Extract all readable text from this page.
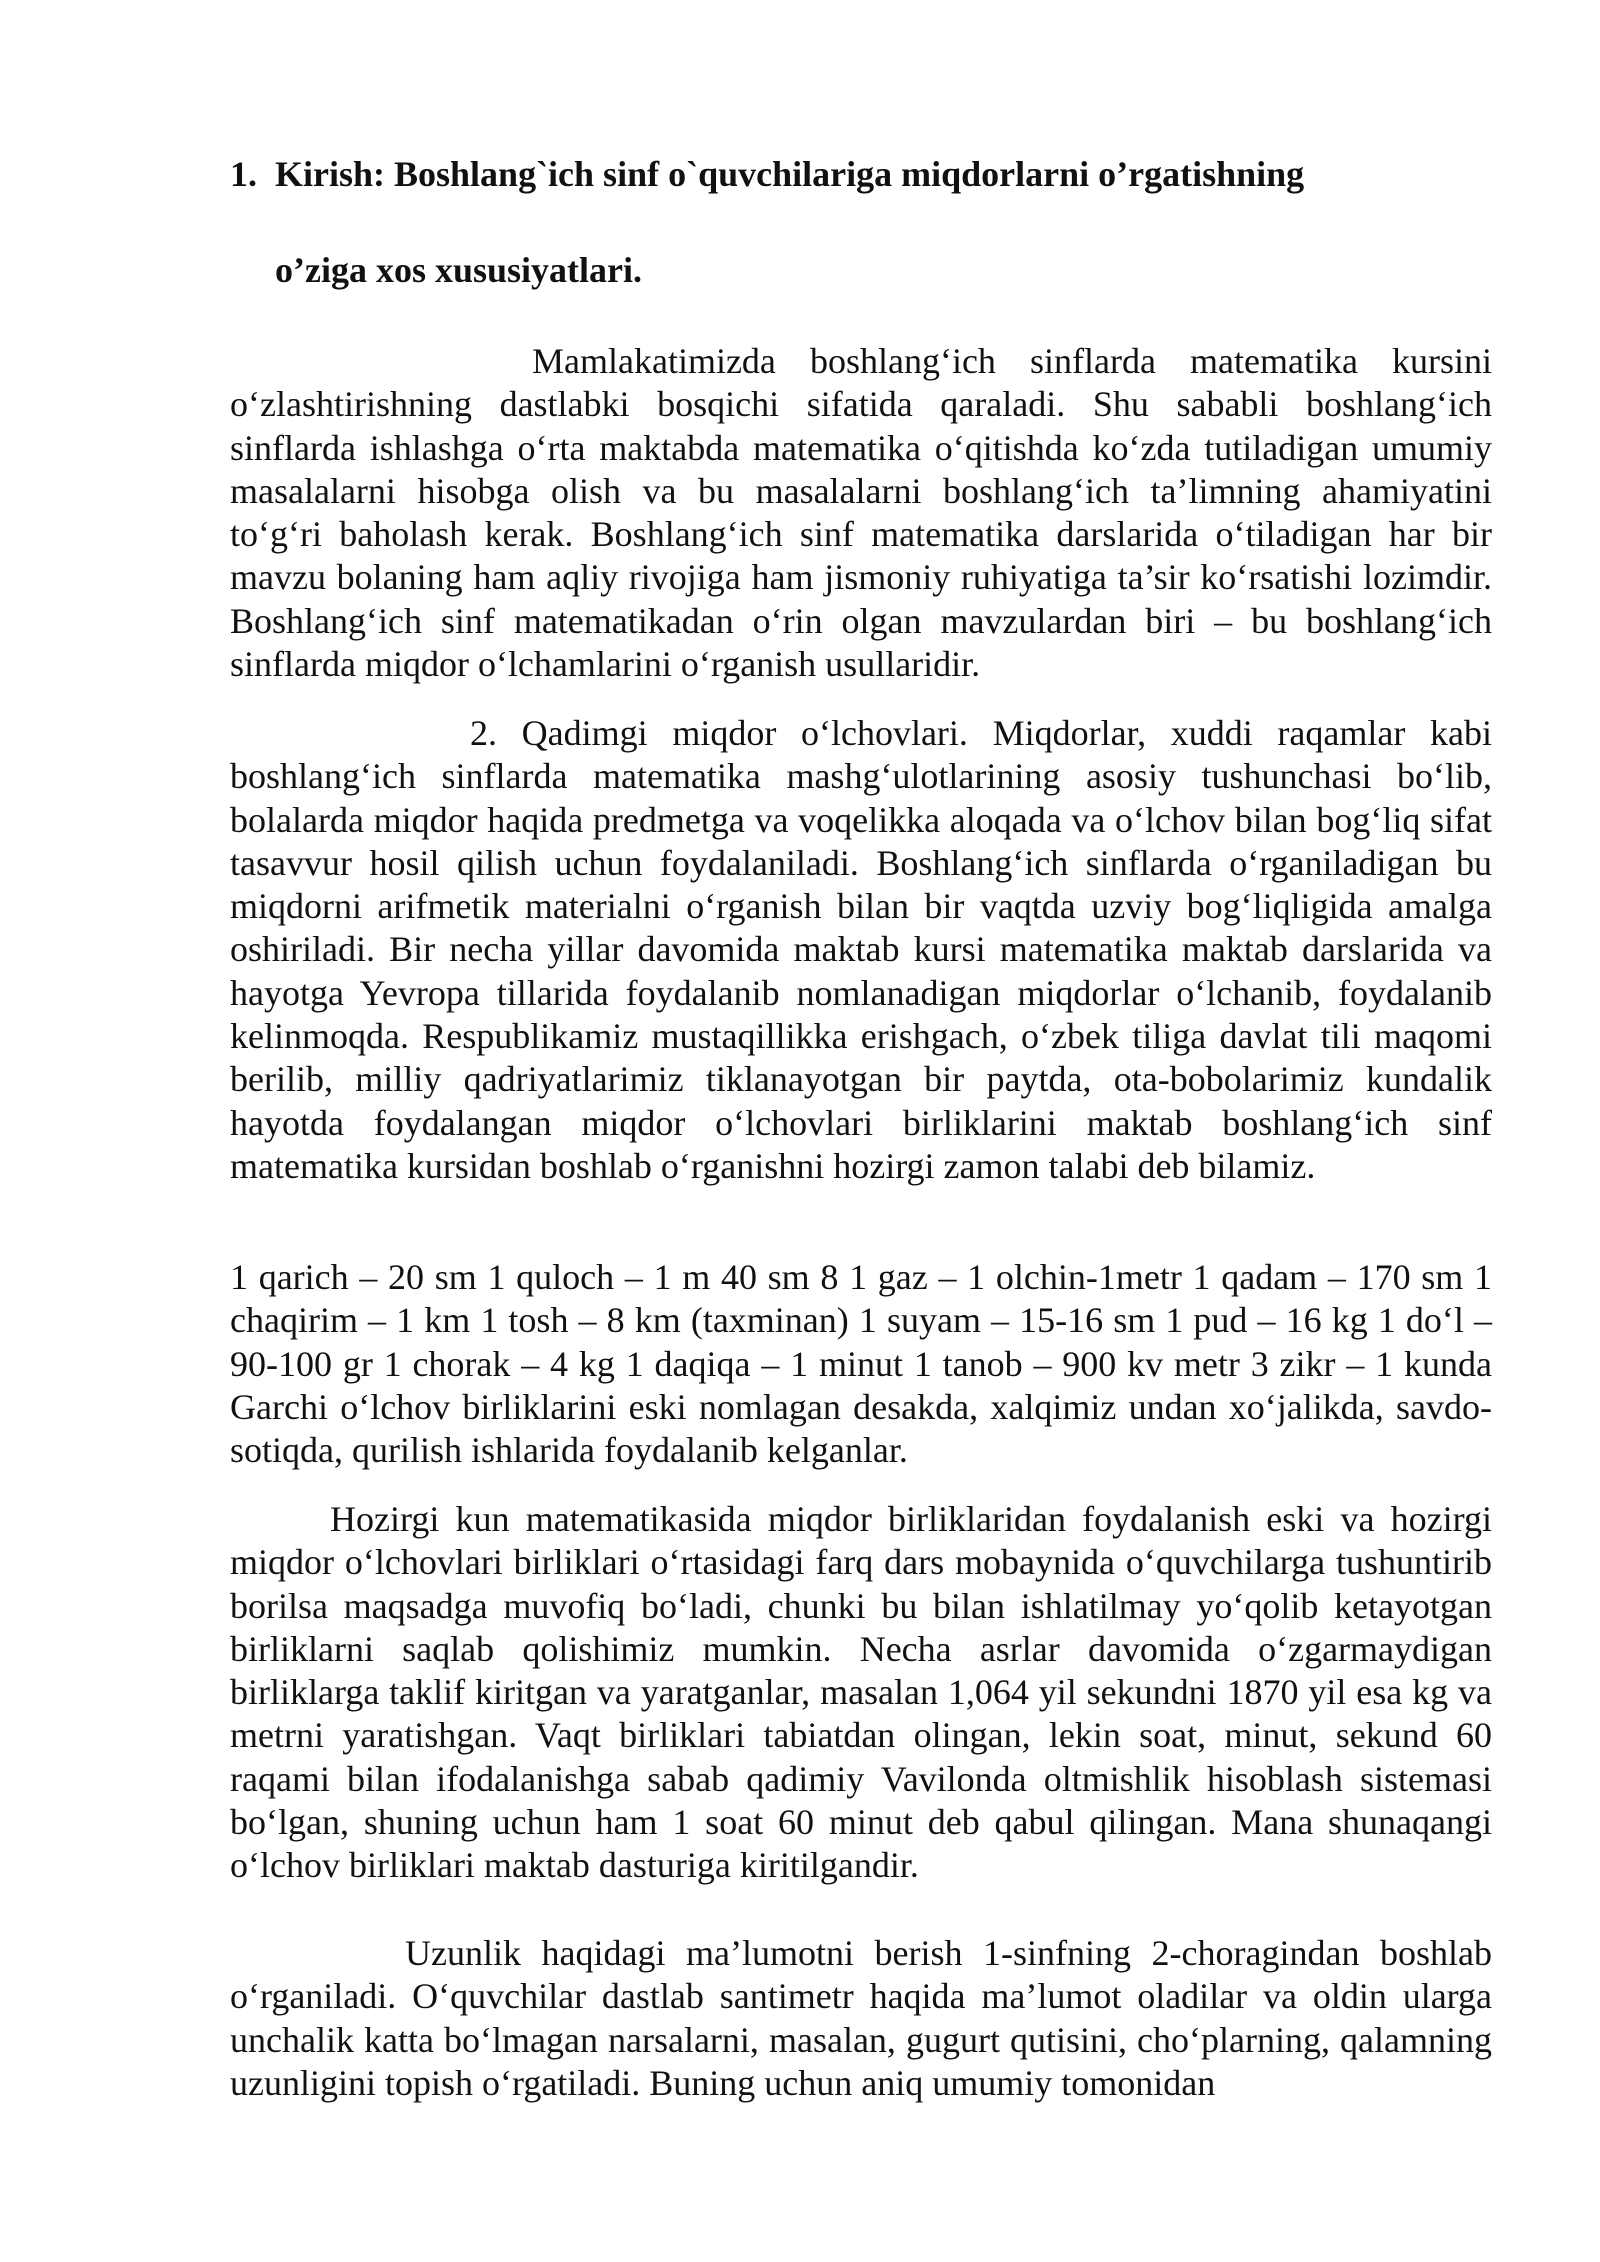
1. Kirish: Boshlang`ich sinf o`quvchilariga miqdorlarni o’rgatishning
o’ziga xos xususiyatlari.

Mamlakatimizda boshlang‘ich sinflarda matematika kursini o‘zlashtirishning dastlabki bosqichi sifatida qaraladi. Shu sababli boshlang‘ich sinflarda ishlashga o‘rta maktabda matematika o‘qitishda ko‘zda tutiladigan umumiy masalalarni hisobga olish va bu masalalarni boshlang‘ich ta’limning ahamiyatini to‘g‘ri baholash kerak. Boshlang‘ich sinf matematika darslarida o‘tiladigan har bir mavzu bolaning ham aqliy rivojiga ham jismoniy ruhiyatiga ta’sir ko‘rsatishi lozimdir. Boshlang‘ich sinf matematikadan o‘rin olgan mavzulardan biri – bu boshlang‘ich sinflarda miqdor o‘lchamlarini o‘rganish usullaridir.

2. Qadimgi miqdor o‘lchovlari. Miqdorlar, xuddi raqamlar kabi boshlang‘ich sinflarda matematika mashg‘ulotlarining asosiy tushunchasi bo‘lib, bolalarda miqdor haqida predmetga va voqelikka aloqada va o‘lchov bilan bog‘liq sifat tasavvur hosil qilish uchun foydalaniladi. Boshlang‘ich sinflarda o‘rganiladigan bu miqdorni arifmetik materialni o‘rganish bilan bir vaqtda uzviy bog‘liqligida amalga oshiriladi. Bir necha yillar davomida maktab kursi matematika maktab darslarida va hayotga Yevropa tillarida foydalanib nomlanadigan miqdorlar o‘lchanib, foydalanib kelinmoqda. Respublikamiz mustaqillikka erishgach, o‘zbek tiliga davlat tili maqomi berilib, milliy qadriyatlarimiz tiklanayotgan bir paytda, ota-bobolarimiz kundalik hayotda foydalangan miqdor o‘lchovlari birliklarini maktab boshlang‘ich sinf matematika kursidan boshlab o‘rganishni hozirgi zamon talabi deb bilamiz.

1 qarich – 20 sm 1 quloch – 1 m 40 sm 8 1 gaz – 1 olchin-1metr 1 qadam – 170 sm 1 chaqirim – 1 km 1 tosh – 8 km (taxminan) 1 suyam – 15-16 sm 1 pud – 16 kg 1 do‘l – 90-100 gr 1 chorak – 4 kg 1 daqiqa – 1 minut 1 tanob – 900 kv metr 3 zikr – 1 kunda Garchi o‘lchov birliklarini eski nomlagan desakda, xalqimiz undan xo‘jalikda, savdo-sotiqda, qurilish ishlarida foydalanib kelganlar.

Hozirgi kun matematikasida miqdor birliklaridan foydalanish eski va hozirgi miqdor o‘lchovlari birliklari o‘rtasidagi farq dars mobaynida o‘quvchilarga tushuntirib borilsa maqsadga muvofiq bo‘ladi, chunki bu bilan ishlatilmay yo‘qolib ketayotgan birliklarni saqlab qolishimiz mumkin. Necha asrlar davomida o‘zgarmaydigan birliklarga taklif kiritgan va yaratganlar, masalan 1,064 yil sekundni 1870 yil esa kg va metrni yaratishgan. Vaqt birliklari tabiatdan olingan, lekin soat, minut, sekund 60 raqami bilan ifodalanishga sabab qadimiy Vavilonda oltmishlik hisoblash sistemasi bo‘lgan, shuning uchun ham 1 soat 60 minut deb qabul qilingan. Mana shunaqangi o‘lchov birliklari maktab dasturiga kiritilgandir.

Uzunlik haqidagi ma’lumotni berish 1-sinfning 2-choragindan boshlab o‘rganiladi. O‘quvchilar dastlab santimetr haqida ma’lumot oladilar va oldin ularga unchalik katta bo‘lmagan narsalarni, masalan, gugurt qutisini, cho‘plarning, qalamning uzunligini topish o‘rgatiladi. Buning uchun aniq umumiy tomonidan
